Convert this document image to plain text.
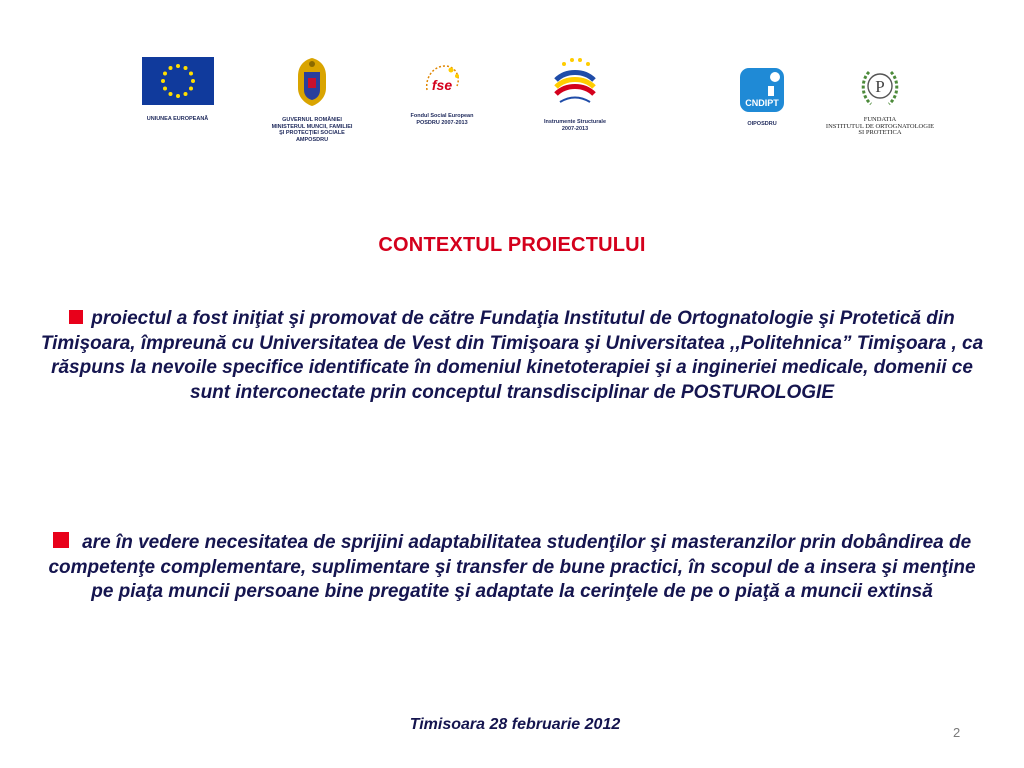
UNIUNEA EUROPEANĂ	GUVERNUL ROMÂNIEI
MINISTERUL MUNCII, FAMILIEI
ŞI PROTECŢIEI SOCIALE
AMPOSDRU
fse
Fondul Social European
POSDRU 2007-2013	Instrumente Structurale
2007-2013
CNDIPT
OIPOSDRU
P
FUNDATIA
INSTITUTUL DE ORTOGNATOLOGIE
SI PROTETICA
CONTEXTUL PROIECTULUI
proiectul a fost iniţiat şi promovat de către Fundaţia Institutul de Ortognatologie şi Protetică din Timişoara, împreună cu Universitatea de Vest din Timişoara şi Universitatea ,,Politehnica” Timişoara , ca răspuns la nevoile specifice identificate în domeniul kinetoterapiei şi a ingineriei medicale, domenii ce sunt interconectate prin conceptul transdisciplinar de POSTUROLOGIE
are în vedere necesitatea de sprijini adaptabilitatea studenţilor şi masteranzilor prin dobândirea de competenţe complementare, suplimentare şi transfer de bune practici, în scopul de a insera şi menţine pe piaţa muncii persoane bine pregatite şi adaptate la cerinţele de pe o piaţă a muncii extinsă
Timisoara 28 februarie 2012	2
